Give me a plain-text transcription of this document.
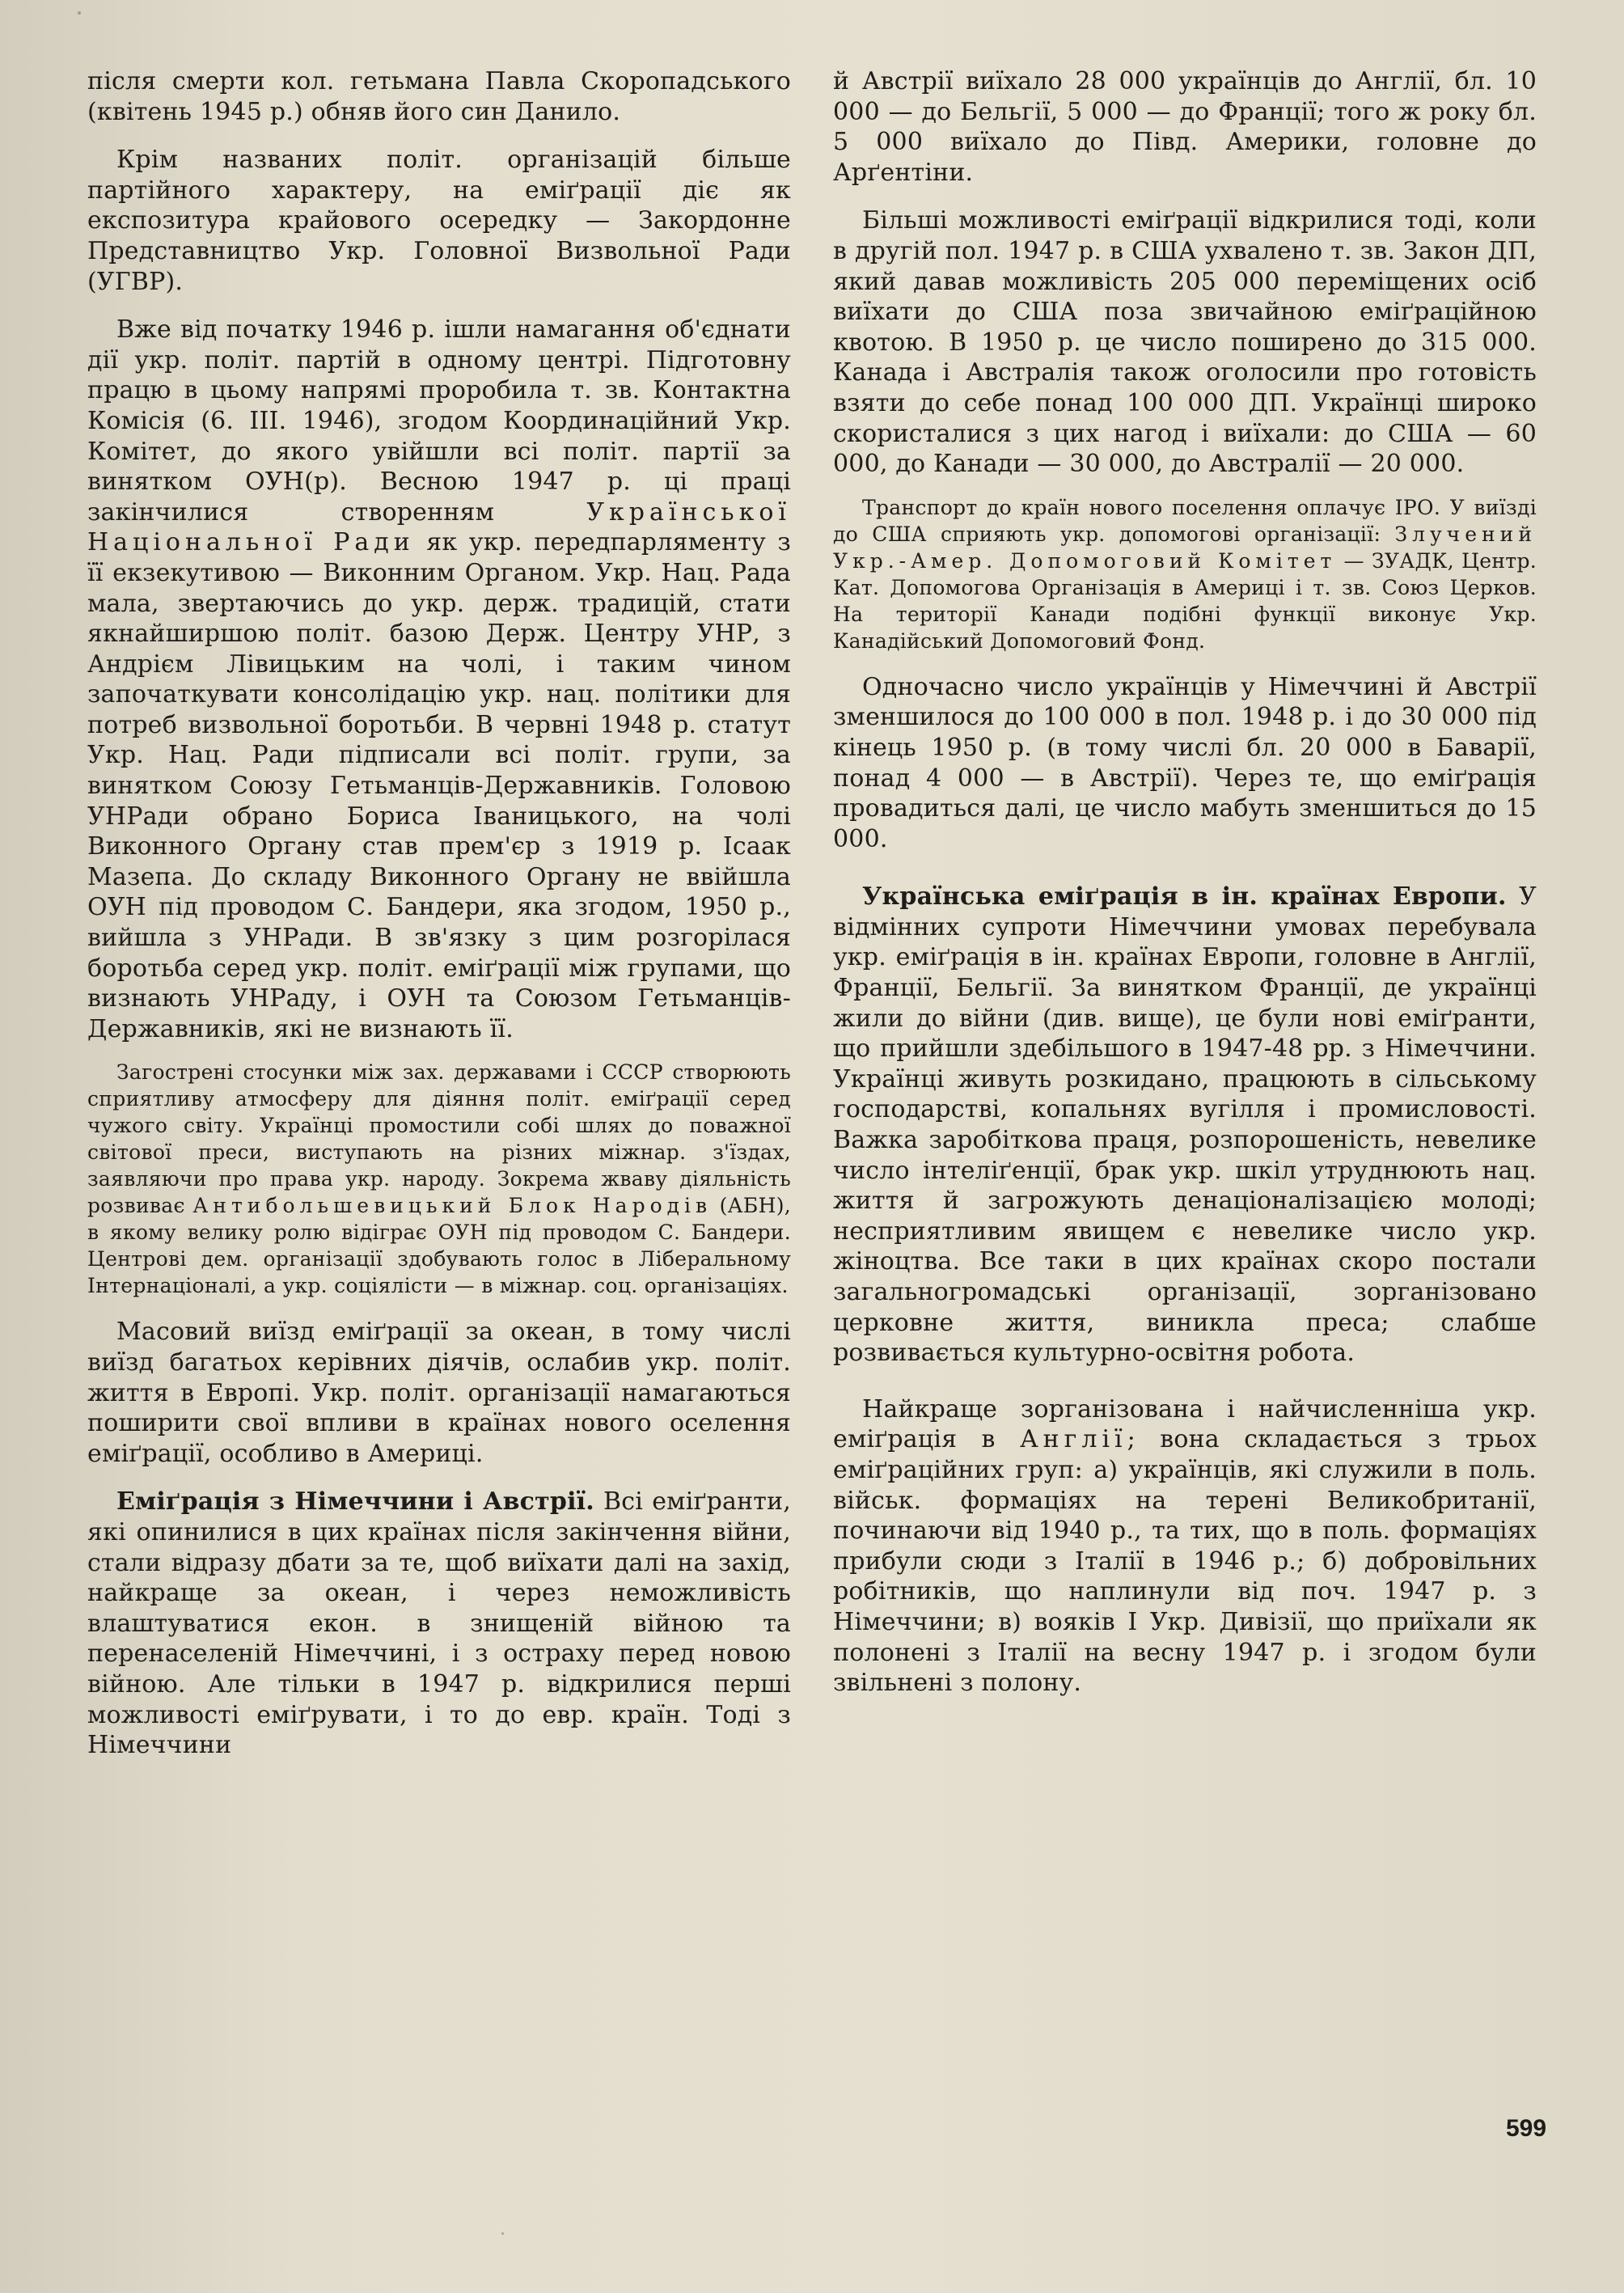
після смерти кол. гетьмана Павла Скоропадського (квітень 1945 р.) обняв його син Данило.

Крім названих політ. організацій більше партійного характеру, на еміґрації діє як експозитура крайового осередку — Закордонне Представництво Укр. Головної Визвольної Ради (УГВР).

Вже від початку 1946 р. ішли намагання об'єднати дії укр. політ. партій в одному центрі. Підготовну працю в цьому напрямі проробила т. зв. Контактна Комісія (6. III. 1946), згодом Координаційний Укр. Комітет, до якого увійшли всі політ. партії за винятком ОУН(р). Весною 1947 р. ці праці закінчилися створенням Української Національної Ради як укр. передпарляменту з її екзекутивою — Виконним Органом. Укр. Нац. Рада мала, звертаючись до укр. держ. традицій, стати якнайширшою політ. базою Держ. Центру УНР, з Андрієм Лівицьким на чолі, і таким чином започаткувати консолідацію укр. нац. політики для потреб визвольної боротьби. В червні 1948 р. статут Укр. Нац. Ради підписали всі політ. групи, за винятком Союзу Гетьманців-Державників. Головою УНРади обрано Бориса Іваницького, на чолі Виконного Органу став прем'єр з 1919 р. Ісаак Мазепа. До складу Виконного Органу не ввійшла ОУН під проводом С. Бандери, яка згодом, 1950 р., вийшла з УНРади. В зв'язку з цим розгорілася боротьба серед укр. політ. еміґрації між групами, що визнають УНРаду, і ОУН та Союзом Гетьманців-Державників, які не визнають її.

Загострені стосунки між зах. державами і СССР створюють сприятливу атмосферу для діяння політ. еміґрації серед чужого світу. Українці промостили собі шлях до поважної світової преси, виступають на різних міжнар. з'їздах, заявляючи про права укр. народу. Зокрема жваву діяльність розвиває Антибольшевицький Блок Народів (АБН), в якому велику ролю відіграє ОУН під проводом С. Бандери. Центрові дем. організації здобувають голос в Ліберальному Інтернаціоналі, а укр. соціялісти — в міжнар. соц. організаціях.

Масовий виїзд еміґрації за океан, в тому числі виїзд багатьох керівних діячів, ослабив укр. політ. життя в Европі. Укр. політ. організації намагаються поширити свої впливи в країнах нового оселення еміґрації, особливо в Америці.

Еміґрація з Німеччини і Австрії. Всі еміґранти, які опинилися в цих країнах після закінчення війни, стали відразу дбати за те, щоб виїхати далі на захід, найкраще за океан, і через неможливість влаштуватися екон. в знищеній війною та перенаселеній Німеччині, і з остраху перед новою війною. Але тільки в 1947 р. відкрилися перші можливості еміґрувати, і то до евр. країн. Тоді з Німеччини

й Австрії виїхало 28 000 українців до Англії, бл. 10 000 — до Бельгії, 5 000 — до Франції; того ж року бл. 5 000 виїхало до Півд. Америки, головне до Арґентіни.

Більші можливості еміґрації відкрилися тоді, коли в другій пол. 1947 р. в США ухвалено т. зв. Закон ДП, який давав можливість 205 000 переміщених осіб виїхати до США поза звичайною еміґраційною квотою. В 1950 р. це число поширено до 315 000. Канада і Австралія також оголосили про готовість взяти до себе понад 100 000 ДП. Українці широко скористалися з цих нагод і виїхали: до США — 60 000, до Канади — 30 000, до Австралії — 20 000.

Транспорт до країн нового поселення оплачує ІРО. У виїзді до США сприяють укр. допомогові організації: Злучений Укр.-Амер. Допомоговий Комітет — ЗУАДК, Центр. Кат. Допомогова Організація в Америці і т. зв. Союз Церков. На території Канади подібні функції виконує Укр. Канадійський Допомоговий Фонд.

Одночасно число українців у Німеччині й Австрії зменшилося до 100 000 в пол. 1948 р. і до 30 000 під кінець 1950 р. (в тому числі бл. 20 000 в Баварії, понад 4 000 — в Австрії). Через те, що еміґрація провадиться далі, це число мабуть зменшиться до 15 000.

Українська еміґрація в ін. країнах Европи. У відмінних супроти Німеччини умовах перебувала укр. еміґрація в ін. країнах Европи, головне в Англії, Франції, Бельгії. За винятком Франції, де українці жили до війни (див. вище), це були нові еміґранти, що прийшли здебільшого в 1947-48 рр. з Німеччини. Українці живуть розкидано, працюють в сільському господарстві, копальнях вугілля і промисловості. Важка заробіткова праця, розпорошеність, невелике число інтеліґенції, брак укр. шкіл утруднюють нац. життя й загрожують денаціоналізацією молоді; несприятливим явищем є невелике число укр. жіноцтва. Все таки в цих країнах скоро постали загальногромадські організації, зорганізовано церковне життя, виникла преса; слабше розвивається культурно-освітня робота.

Найкраще зорганізована і найчисленніша укр. еміґрація в Англії; вона складається з трьох еміґраційних груп: а) українців, які служили в поль. військ. формаціях на терені Великобританії, починаючи від 1940 р., та тих, що в поль. формаціях прибули сюди з Італії в 1946 р.; б) добровільних робітників, що наплинули від поч. 1947 р. з Німеччини; в) вояків I Укр. Дивізії, що приїхали як полонені з Італії на весну 1947 р. і згодом були звільнені з полону.

599
